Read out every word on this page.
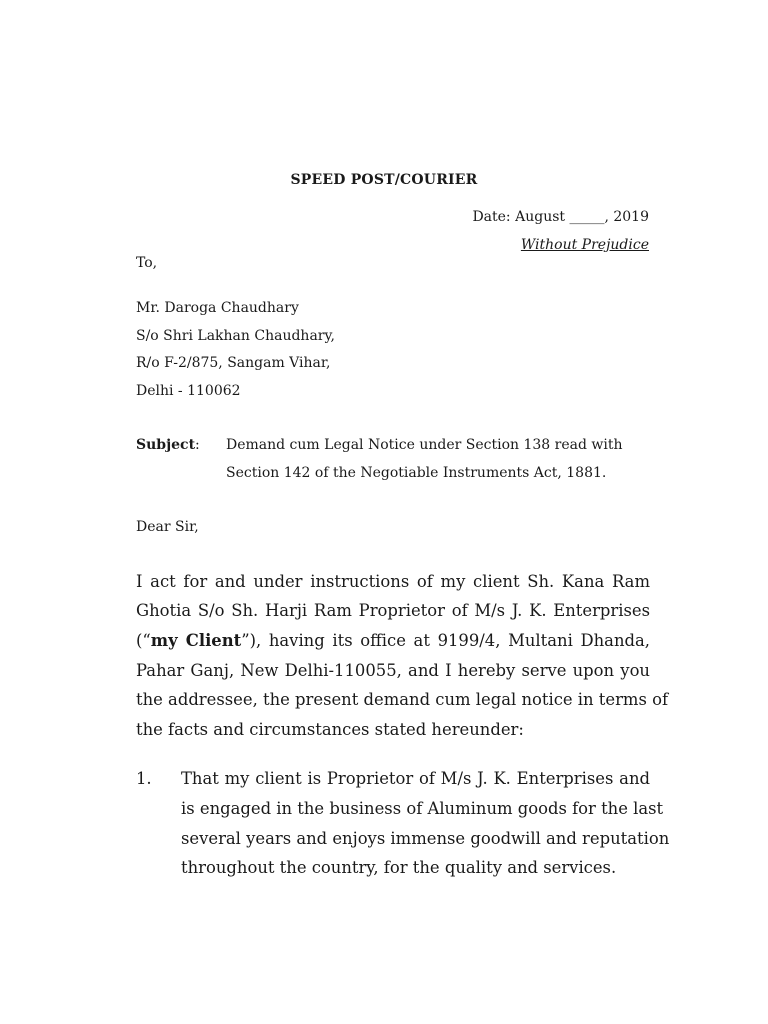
SPEED POST/COURIER
Date: August _____, 2019
Without Prejudice
To,
Mr. Daroga Chaudhary
S/o Shri Lakhan Chaudhary,
R/o F-2/875, Sangam Vihar,
Delhi - 110062
Subject: Demand cum Legal Notice under Section 138 read with
Section 142 of the Negotiable Instruments Act, 1881.
Dear Sir,
I act for and under instructions of my client Sh. Kana Ram
Ghotia S/o Sh. Harji Ram Proprietor of M/s J. K. Enterprises
(“my Client”), having its office at 9199/4, Multani Dhanda,
Pahar Ganj, New Delhi-110055, and I hereby serve upon you
the addressee, the present demand cum legal notice in terms of
the facts and circumstances stated hereunder:
1. That my client is Proprietor of M/s J. K. Enterprises and
is engaged in the business of Aluminum goods for the last
several years and enjoys immense goodwill and reputation
throughout the country, for the quality and services.
